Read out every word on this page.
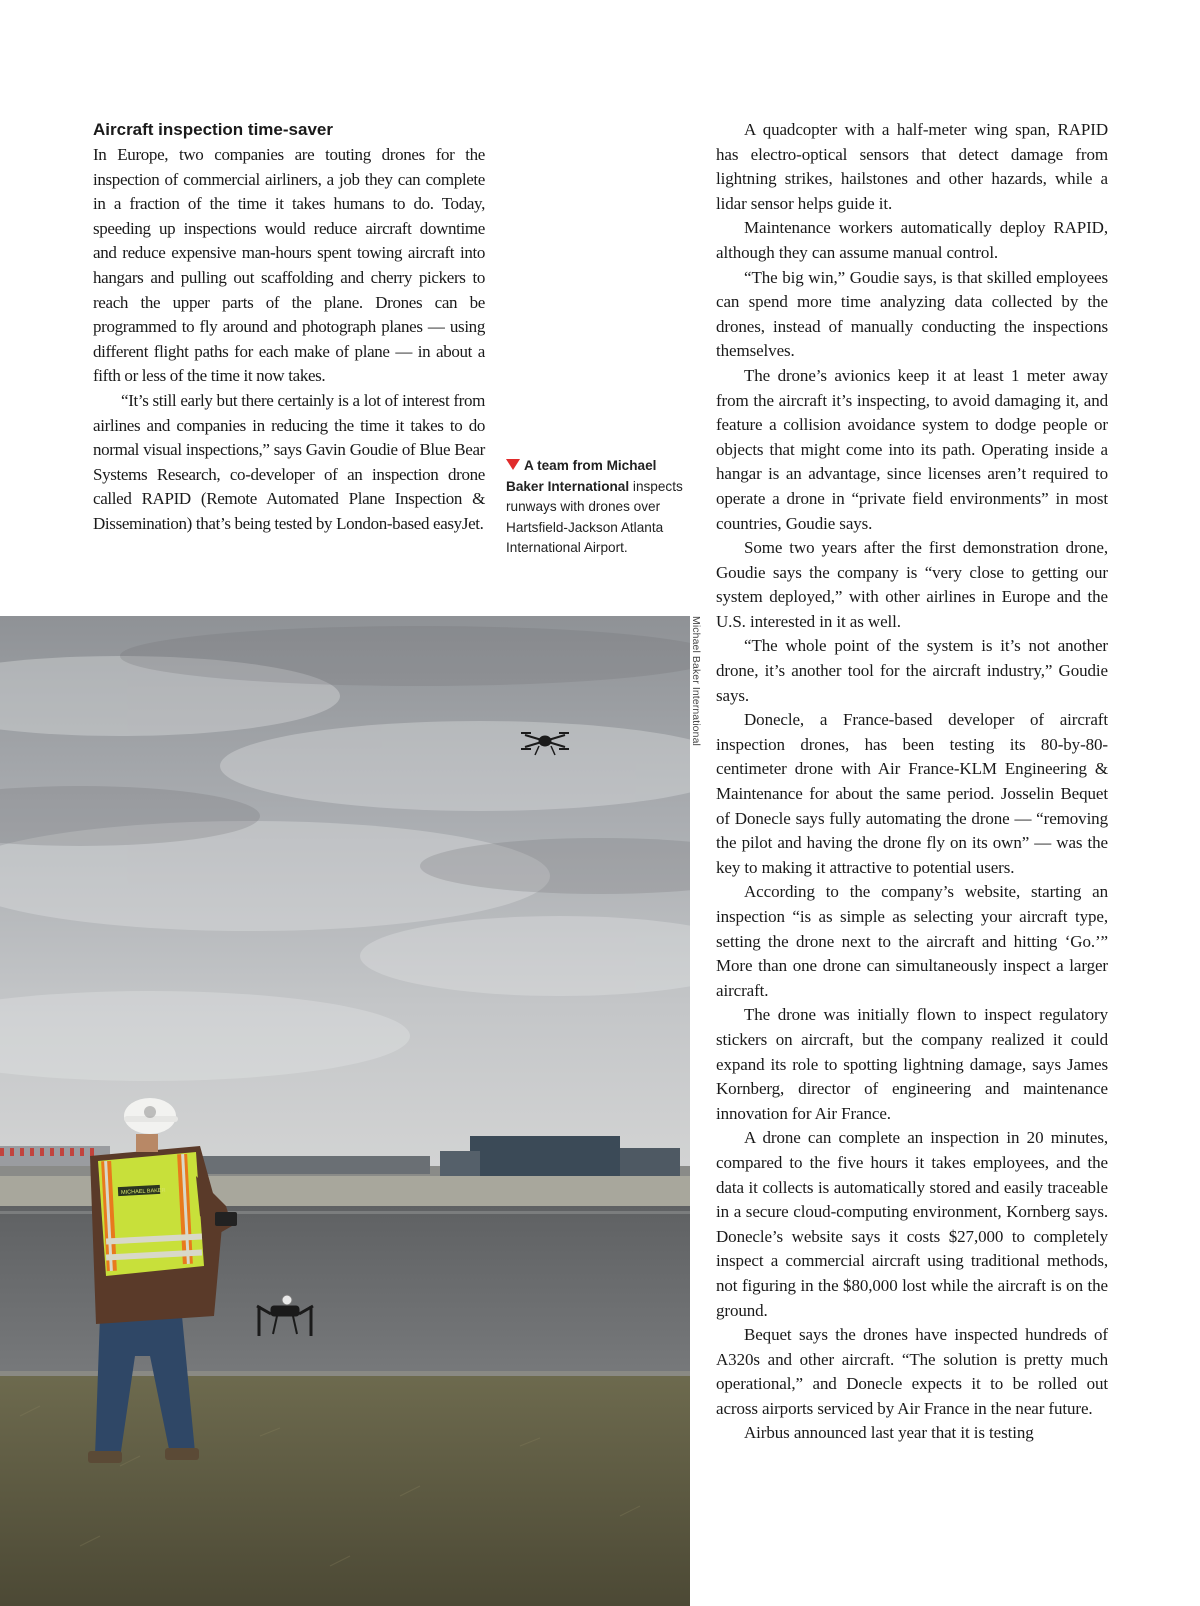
Aircraft inspection time-saver

In Europe, two companies are touting drones for the inspection of commercial airliners, a job they can complete in a fraction of the time it takes humans to do. Today, speeding up inspections would reduce aircraft downtime and reduce expensive man-hours spent towing aircraft into hangars and pulling out scaffolding and cherry pickers to reach the upper parts of the plane. Drones can be programmed to fly around and photograph planes — using different flight paths for each make of plane — in about a fifth or less of the time it now takes.

“It’s still early but there certainly is a lot of interest from airlines and companies in reducing the time it takes to do normal visual inspections,” says Gavin Goudie of Blue Bear Systems Research, co-developer of an inspection drone called RAPID (Remote Automated Plane Inspection & Dissemination) that’s being tested by London-based easyJet.

A team from Michael Baker International inspects runways with drones over Hartsfield-Jackson Atlanta International Airport.
Michael Baker International
MICHAEL BAKER

A quadcopter with a half-meter wing span, RAPID has electro-optical sensors that detect damage from lightning strikes, hailstones and other hazards, while a lidar sensor helps guide it.

Maintenance workers automatically deploy RAPID, although they can assume manual control.

“The big win,” Goudie says, is that skilled employees can spend more time analyzing data collected by the drones, instead of manually conducting the inspections themselves.

The drone’s avionics keep it at least 1 meter away from the aircraft it’s inspecting, to avoid damaging it, and feature a collision avoidance system to dodge people or objects that might come into its path. Operating inside a hangar is an advantage, since licenses aren’t required to operate a drone in “private field environments” in most countries, Goudie says.

Some two years after the first demonstration drone, Goudie says the company is “very close to getting our system deployed,” with other airlines in Europe and the U.S. interested in it as well.

“The whole point of the system is it’s not another drone, it’s another tool for the aircraft industry,” Goudie says.

Donecle, a France-based developer of aircraft inspection drones, has been testing its 80-by-80-centimeter drone with Air France-KLM Engineering & Maintenance for about the same period. Josselin Bequet of Donecle says fully automating the drone — “removing the pilot and having the drone fly on its own” — was the key to making it attractive to potential users.

According to the company’s website, starting an inspection “is as simple as selecting your aircraft type, setting the drone next to the aircraft and hitting ‘Go.’” More than one drone can simultaneously inspect a larger aircraft.

The drone was initially flown to inspect regulatory stickers on aircraft, but the company realized it could expand its role to spotting lightning damage, says James Kornberg, director of engineering and maintenance innovation for Air France.

A drone can complete an inspection in 20 minutes, compared to the five hours it takes employees, and the data it collects is automatically stored and easily traceable in a secure cloud-computing environment, Kornberg says. Donecle’s website says it costs $27,000 to completely inspect a commercial aircraft using traditional methods, not figuring in the $80,000 lost while the aircraft is on the ground.

Bequet says the drones have inspected hundreds of A320s and other aircraft. “The solution is pretty much operational,” and Donecle expects it to be rolled out across airports serviced by Air France in the near future.

Airbus announced last year that it is testing
